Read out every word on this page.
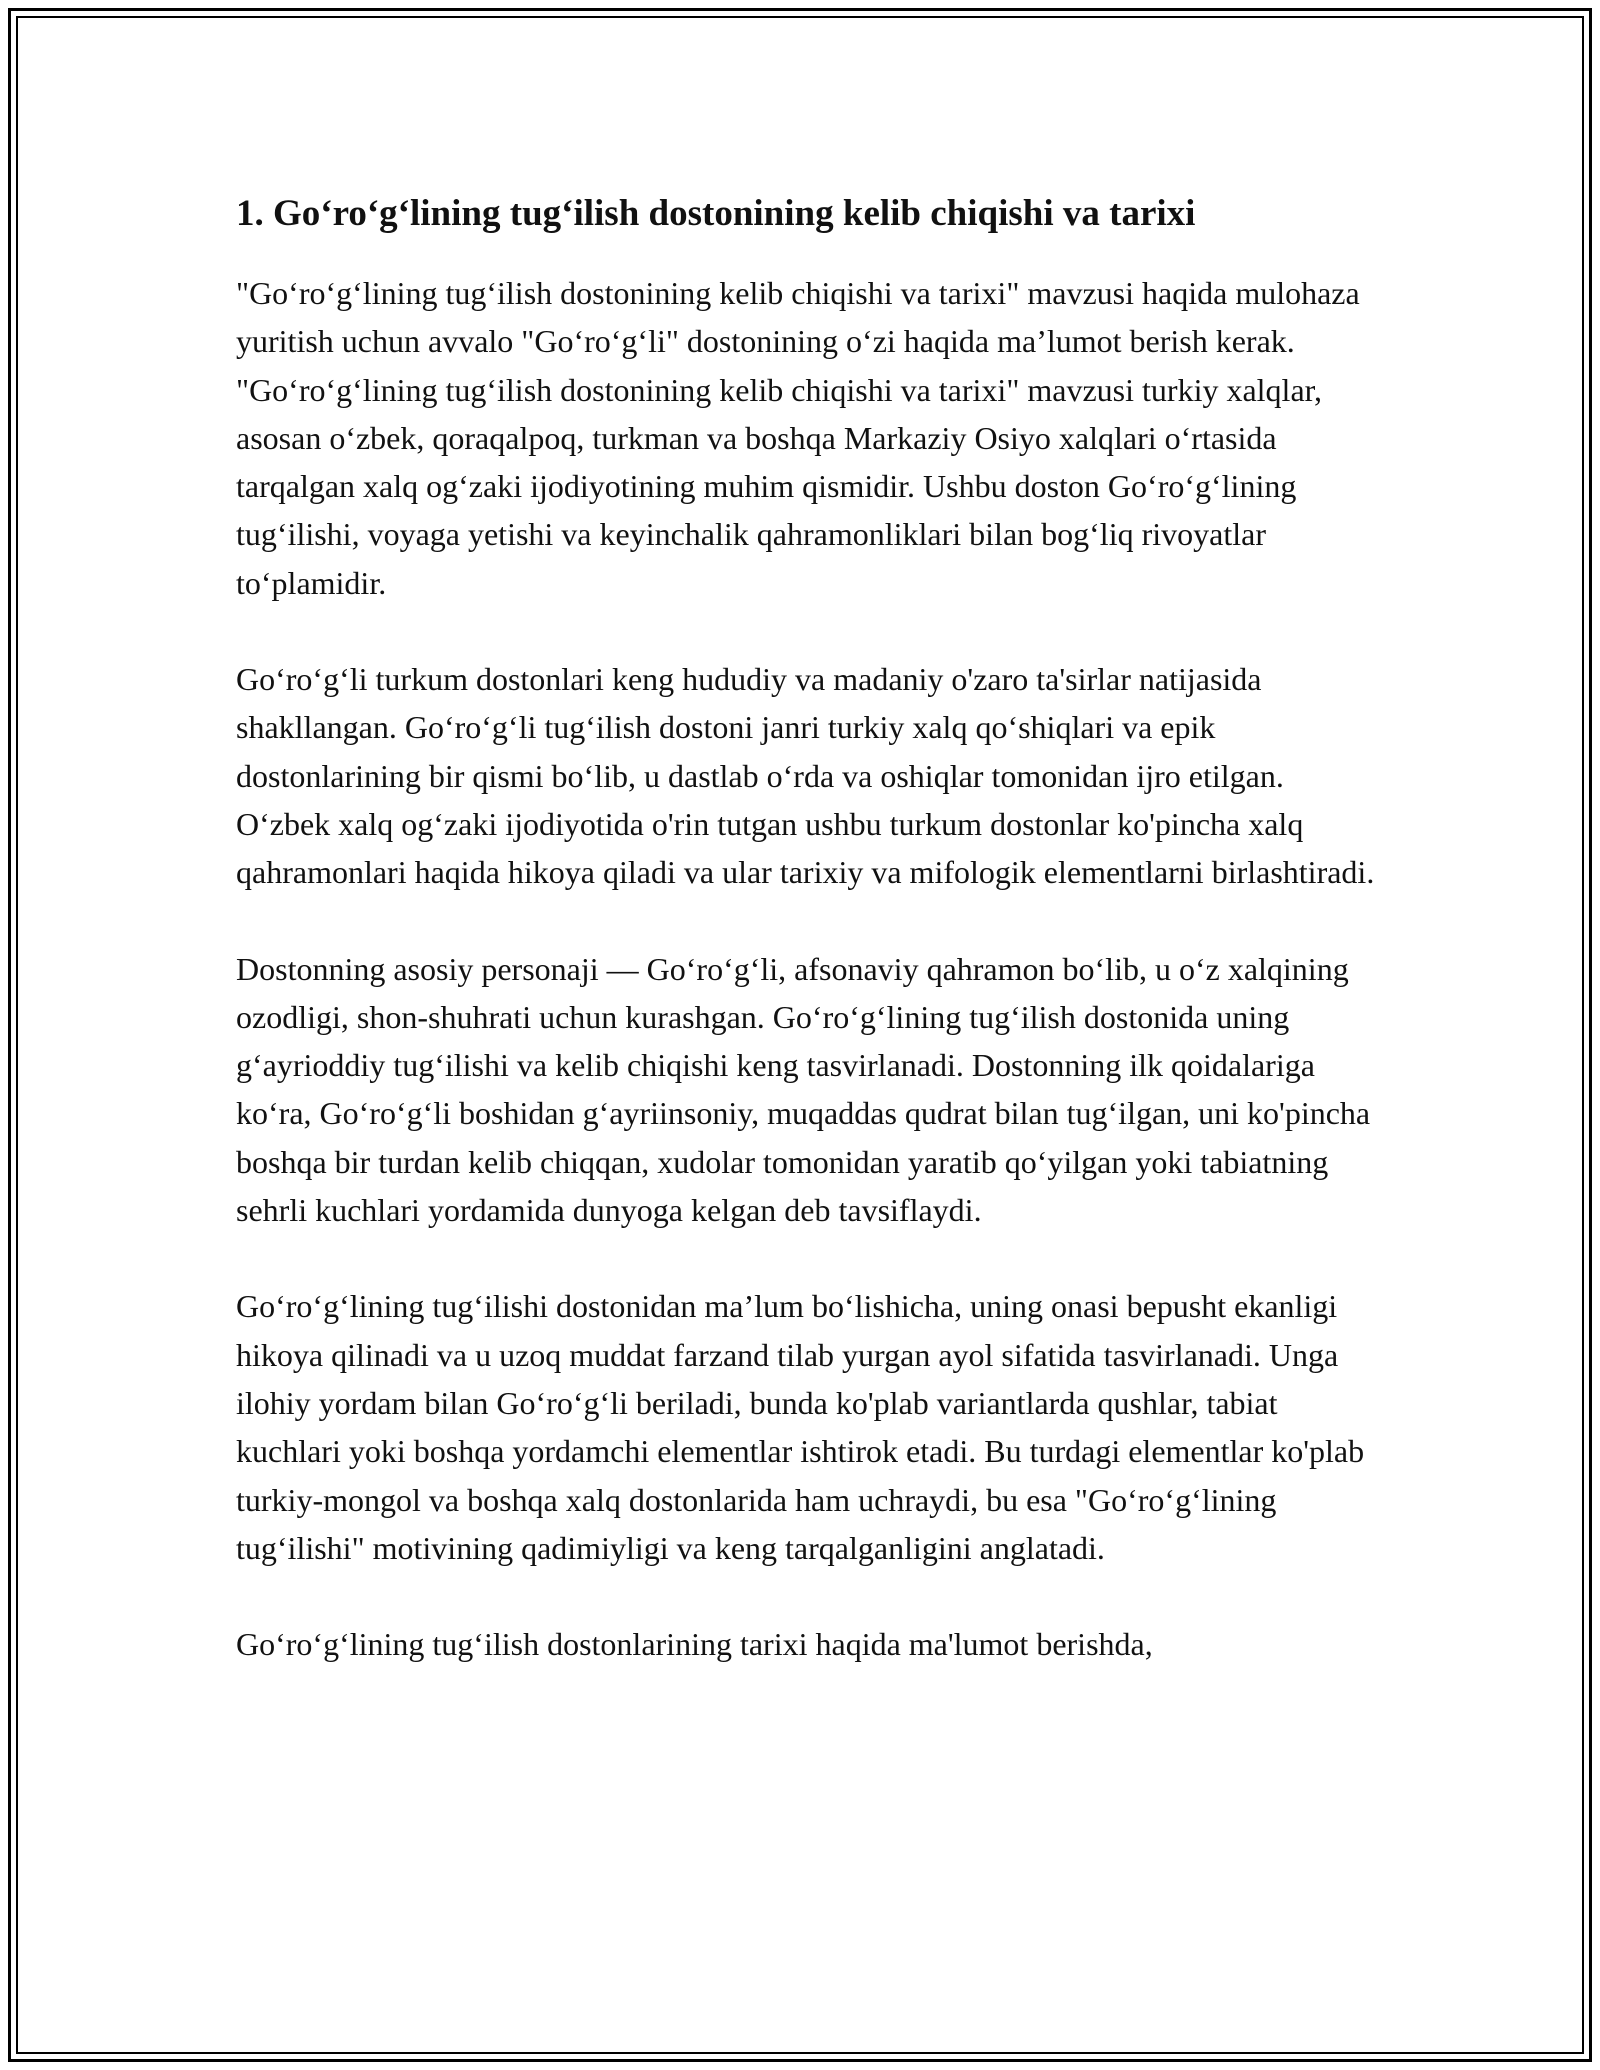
1. Go‘ro‘g‘lining tug‘ilish dostonining kelib chiqishi va tarixi

"Go‘ro‘g‘lining tug‘ilish dostonining kelib chiqishi va tarixi" mavzusi haqida mulohaza yuritish uchun avvalo "Go‘ro‘g‘li" dostonining o‘zi haqida ma’lumot berish kerak. "Go‘ro‘g‘lining tug‘ilish dostonining kelib chiqishi va tarixi" mavzusi turkiy xalqlar, asosan o‘zbek, qoraqalpoq, turkman va boshqa Markaziy Osiyo xalqlari o‘rtasida tarqalgan xalq og‘zaki ijodiyotining muhim qismidir. Ushbu doston Go‘ro‘g‘lining tug‘ilishi, voyaga yetishi va keyinchalik qahramonliklari bilan bog‘liq rivoyatlar to‘plamidir.

Go‘ro‘g‘li turkum dostonlari keng hududiy va madaniy o'zaro ta'sirlar natijasida shakllangan. Go‘ro‘g‘li tug‘ilish dostoni janri turkiy xalq qo‘shiqlari va epik dostonlarining bir qismi bo‘lib, u dastlab o‘rda va oshiqlar tomonidan ijro etilgan. O‘zbek xalq og‘zaki ijodiyotida o'rin tutgan ushbu turkum dostonlar ko'pincha xalq qahramonlari haqida hikoya qiladi va ular tarixiy va mifologik elementlarni birlashtiradi.

Dostonning asosiy personaji — Go‘ro‘g‘li, afsonaviy qahramon bo‘lib, u o‘z xalqining ozodligi, shon-shuhrati uchun kurashgan. Go‘ro‘g‘lining tug‘ilish dostonida uning g‘ayrioddiy tug‘ilishi va kelib chiqishi keng tasvirlanadi. Dostonning ilk qoidalariga ko‘ra, Go‘ro‘g‘li boshidan g‘ayriinsoniy, muqaddas qudrat bilan tug‘ilgan, uni ko'pincha boshqa bir turdan kelib chiqqan, xudolar tomonidan yaratib qo‘yilgan yoki tabiatning sehrli kuchlari yordamida dunyoga kelgan deb tavsiflaydi.

Go‘ro‘g‘lining tug‘ilishi dostonidan ma’lum bo‘lishicha, uning onasi bepusht ekanligi hikoya qilinadi va u uzoq muddat farzand tilab yurgan ayol sifatida tasvirlanadi. Unga ilohiy yordam bilan Go‘ro‘g‘li beriladi, bunda ko'plab variantlarda qushlar, tabiat kuchlari yoki boshqa yordamchi elementlar ishtirok etadi. Bu turdagi elementlar ko'plab turkiy-mongol va boshqa xalq dostonlarida ham uchraydi, bu esa "Go‘ro‘g‘lining tug‘ilishi" motivining qadimiyligi va keng tarqalganligini anglatadi.

Go‘ro‘g‘lining tug‘ilish dostonlarining tarixi haqida ma'lumot berishda,
